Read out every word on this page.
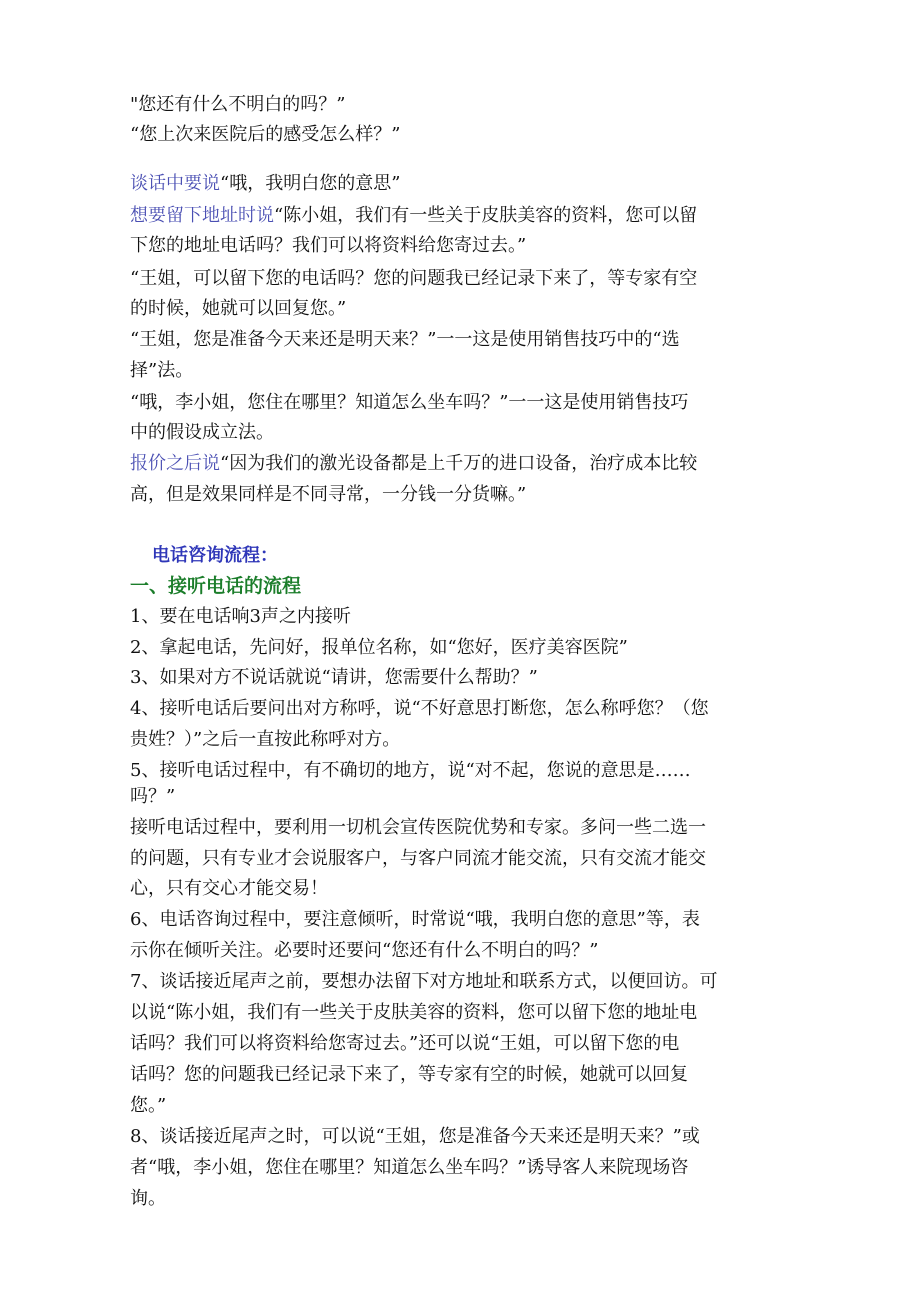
"您还有什么不明白的吗？”
“您上次来医院后的感受怎么样？”
谈话中要说“哦，我明白您的意思”
想要留下地址时说“陈小姐，我们有一些关于皮肤美容的资料，您可以留
下您的地址电话吗？我们可以将资料给您寄过去。”
“王姐，可以留下您的电话吗？您的问题我已经记录下来了，等专家有空
的时候，她就可以回复您。”
“王姐，您是准备今天来还是明天来？”一一这是使用销售技巧中的“选
择”法。
“哦，李小姐，您住在哪里？知道怎么坐车吗？”一一这是使用销售技巧
中的假设成立法。
报价之后说“因为我们的激光设备都是上千万的进口设备，治疗成本比较
高，但是效果同样是不同寻常，一分钱一分货嘛。”
电话咨询流程：
一、接听电话的流程
1、要在电话响3声之内接听
2、拿起电话，先问好，报单位名称，如“您好，医疗美容医院”
3、如果对方不说话就说“请讲，您需要什么帮助？”
4、接听电话后要问出对方称呼，说“不好意思打断您，怎么称呼您？（您
贵姓？）”之后一直按此称呼对方。
5、接听电话过程中，有不确切的地方，说“对不起，您说的意思是……
吗？”
接听电话过程中，要利用一切机会宣传医院优势和专家。多问一些二选一
的问题，只有专业才会说服客户，与客户同流才能交流，只有交流才能交
心，只有交心才能交易！
6、电话咨询过程中，要注意倾听，时常说“哦，我明白您的意思”等，表
示你在倾听关注。必要时还要问“您还有什么不明白的吗？”
7、谈话接近尾声之前，要想办法留下对方地址和联系方式，以便回访。可
以说“陈小姐，我们有一些关于皮肤美容的资料，您可以留下您的地址电
话吗？我们可以将资料给您寄过去。”还可以说“王姐，可以留下您的电
话吗？您的问题我已经记录下来了，等专家有空的时候，她就可以回复
您。”
8、谈话接近尾声之时，可以说“王姐，您是准备今天来还是明天来？”或
者“哦，李小姐，您住在哪里？知道怎么坐车吗？”诱导客人来院现场咨
询。
